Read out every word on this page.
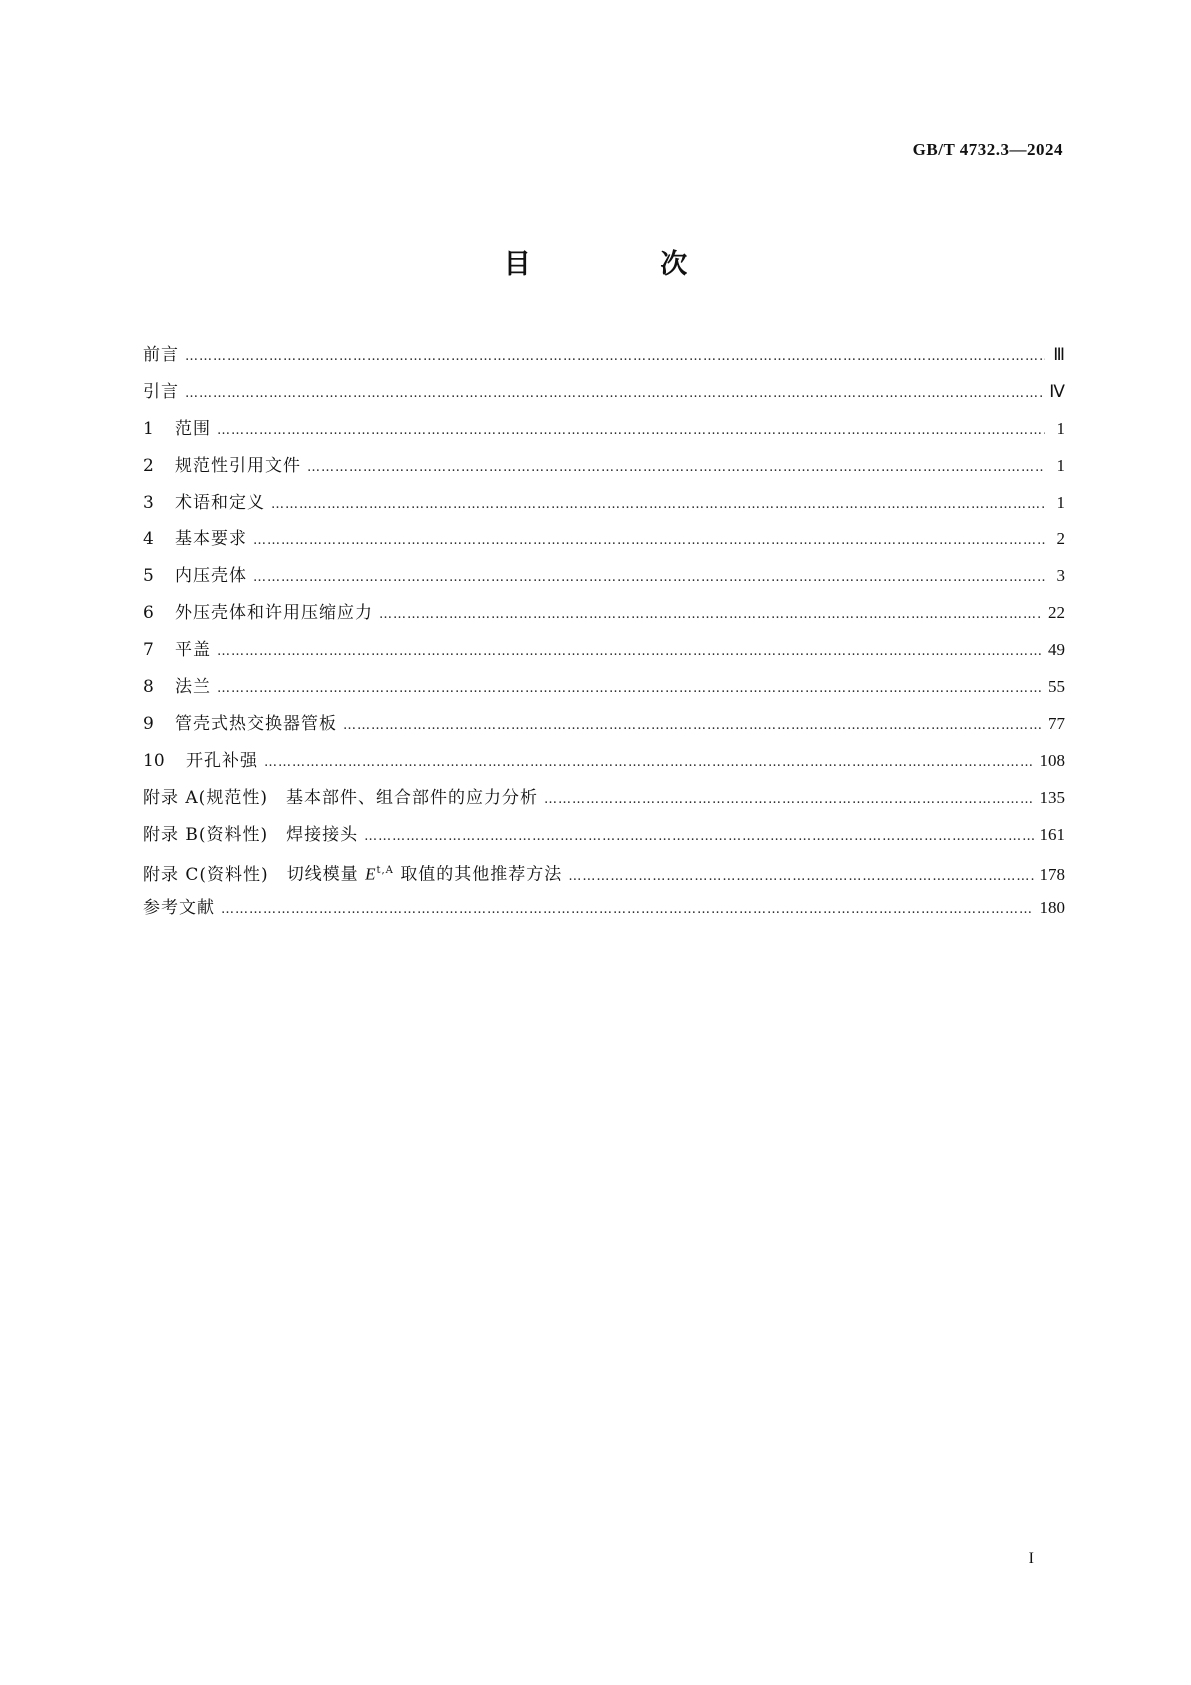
GB/T 4732.3—2024
目 次
前言 …………………………………………………………………………………………………………………………………………………………………………………………………………	Ⅲ
引言 …………………………………………………………………………………………………………………………………………………………………………………………………………	Ⅳ
1	范围 …………………………………………………………………………………………………………………………………………………………………………………………………………	1
2	规范性引用文件 …………………………………………………………………………………………………………………………………………………………………………………………………………	1
3	术语和定义 …………………………………………………………………………………………………………………………………………………………………………………………………………	1
4	基本要求 …………………………………………………………………………………………………………………………………………………………………………………………………………	2
5	内压壳体 …………………………………………………………………………………………………………………………………………………………………………………………………………	3
6	外压壳体和许用压缩应力 …………………………………………………………………………………………………………………………………………………………………………………………………………	22
7	平盖 …………………………………………………………………………………………………………………………………………………………………………………………………………	49
8	法兰 …………………………………………………………………………………………………………………………………………………………………………………………………………	55
9	管壳式热交换器管板 …………………………………………………………………………………………………………………………………………………………………………………………………………	77
10	开孔补强 …………………………………………………………………………………………………………………………………………………………………………………………………………	108
附录 A(规范性) 基本部件、组合部件的应力分析 …………………………………………………………………………………………………………………………………………………………………………………………………………	135
附录 B(资料性) 焊接接头 …………………………………………………………………………………………………………………………………………………………………………………………………………	161
附录 C(资料性) 切线模量 $E^{t,A}$ 取值的其他推荐方法 …………………………………………………………………………………………………………………………………………………………………………………………………………	178
参考文献 …………………………………………………………………………………………………………………………………………………………………………………………………………	180
I
